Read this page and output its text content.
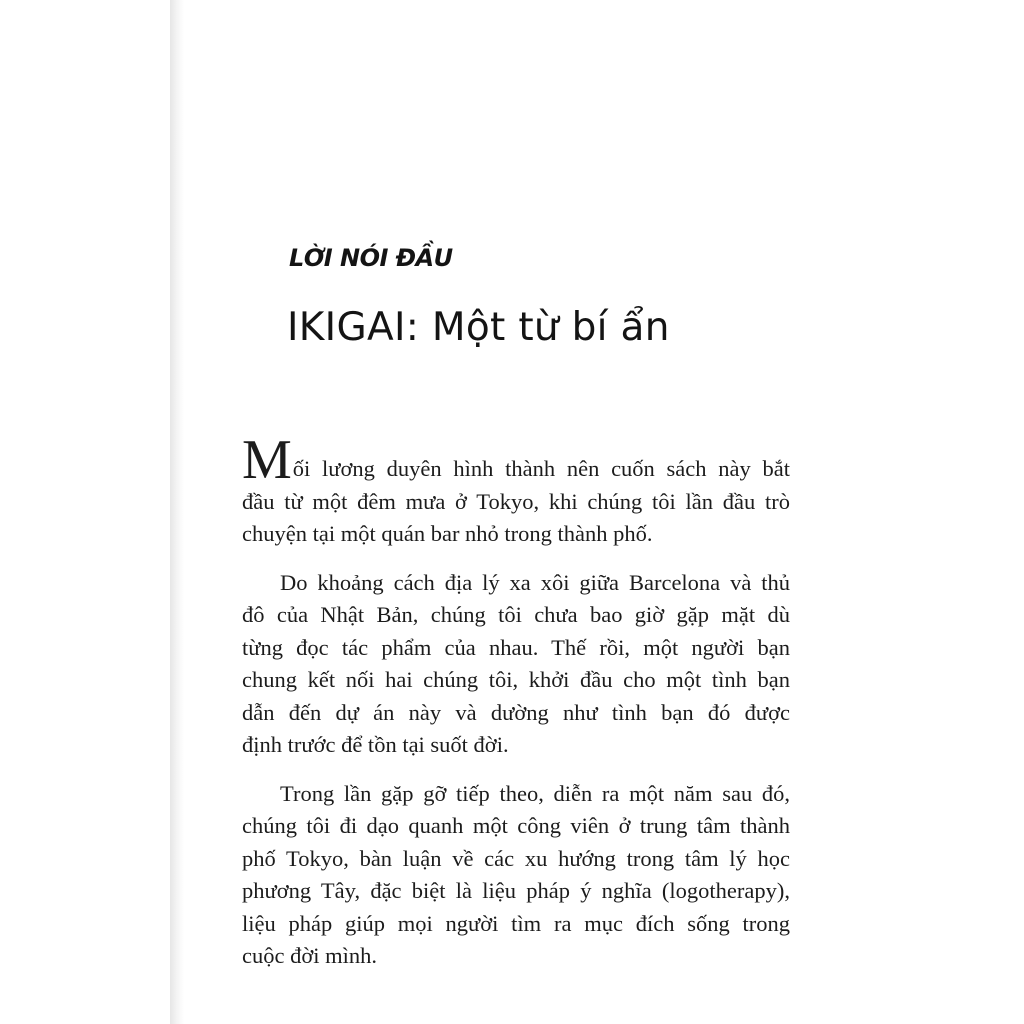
LỜI NÓI ĐẦU
IKIGAI: Một từ bí ẩn
Mối lương duyên hình thành nên cuốn sách này bắt
đầu từ một đêm mưa ở Tokyo, khi chúng tôi lần đầu trò
chuyện tại một quán bar nhỏ trong thành phố.
Do khoảng cách địa lý xa xôi giữa Barcelona và thủ
đô của Nhật Bản, chúng tôi chưa bao giờ gặp mặt dù
từng đọc tác phẩm của nhau. Thế rồi, một người bạn
chung kết nối hai chúng tôi, khởi đầu cho một tình bạn
dẫn đến dự án này và dường như tình bạn đó được
định trước để tồn tại suốt đời.
Trong lần gặp gỡ tiếp theo, diễn ra một năm sau đó,
chúng tôi đi dạo quanh một công viên ở trung tâm thành
phố Tokyo, bàn luận về các xu hướng trong tâm lý học
phương Tây, đặc biệt là liệu pháp ý nghĩa (logotherapy),
liệu pháp giúp mọi người tìm ra mục đích sống trong
cuộc đời mình.
